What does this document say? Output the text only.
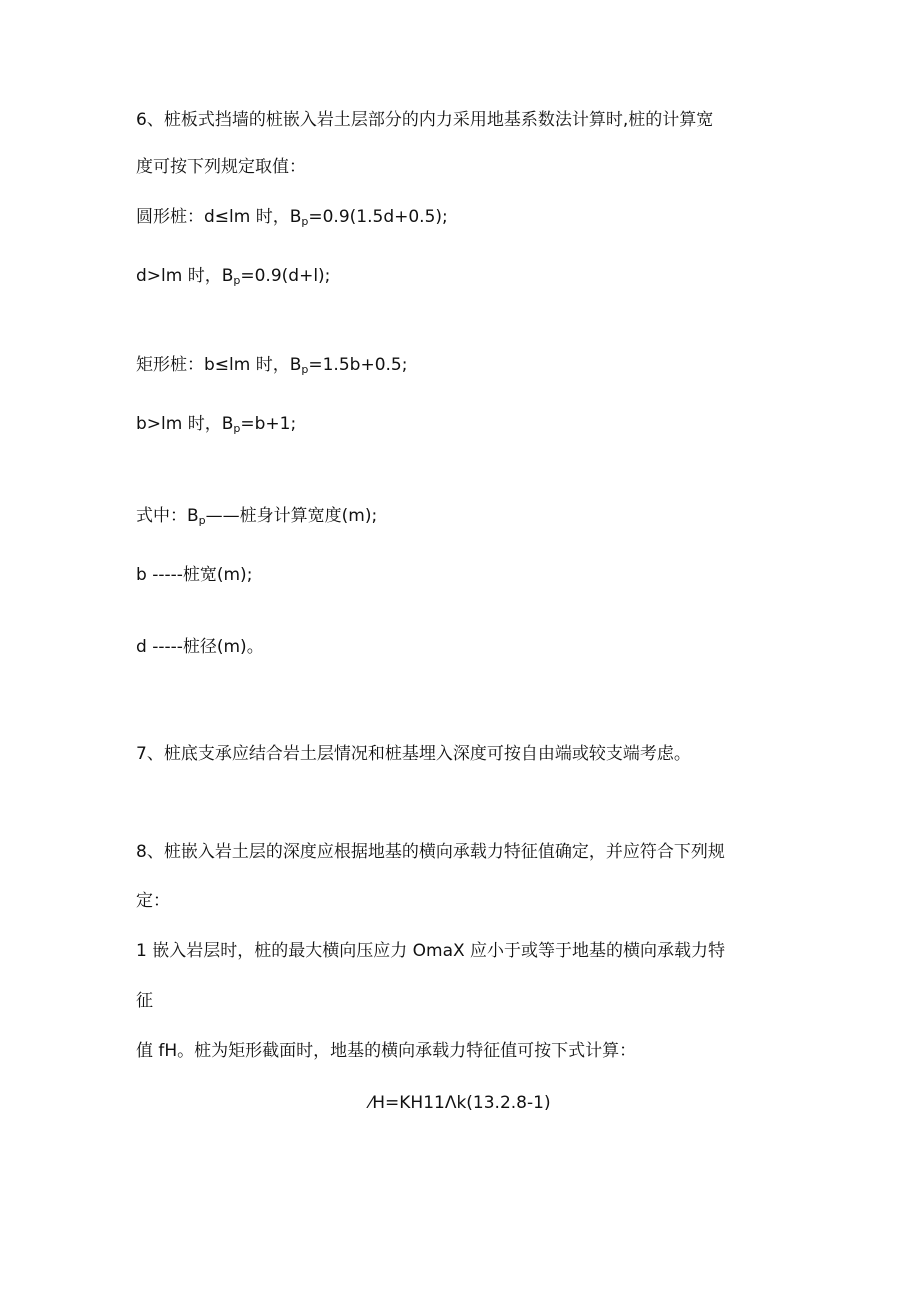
6、桩板式挡墙的桩嵌入岩土层部分的内力采用地基系数法计算时,桩的计算宽
度可按下列规定取值：
圆形桩：d≤lm 时，$B_p=0.9(1.5d+0.5)$;
d>lm 时，$B_p=0.9(d+l)$;
矩形桩：b≤lm 时，$B_p=1.5b+0.5$;
b>lm 时，$B_p=b+1$;
式中：$B_p——$桩身计算宽度(m);
b -----桩宽(m);
d -----桩径(m)。
7、桩底支承应结合岩土层情况和桩基埋入深度可按自由端或较支端考虑。
8、桩嵌入岩土层的深度应根据地基的横向承载力特征值确定，并应符合下列规
定：
1 嵌入岩层时，桩的最大横向压应力 OmaX 应小于或等于地基的横向承载力特
征
值 fH。桩为矩形截面时，地基的横向承载力特征值可按下式计算：
⁄H=KH11Λk(13.2.8-1)
